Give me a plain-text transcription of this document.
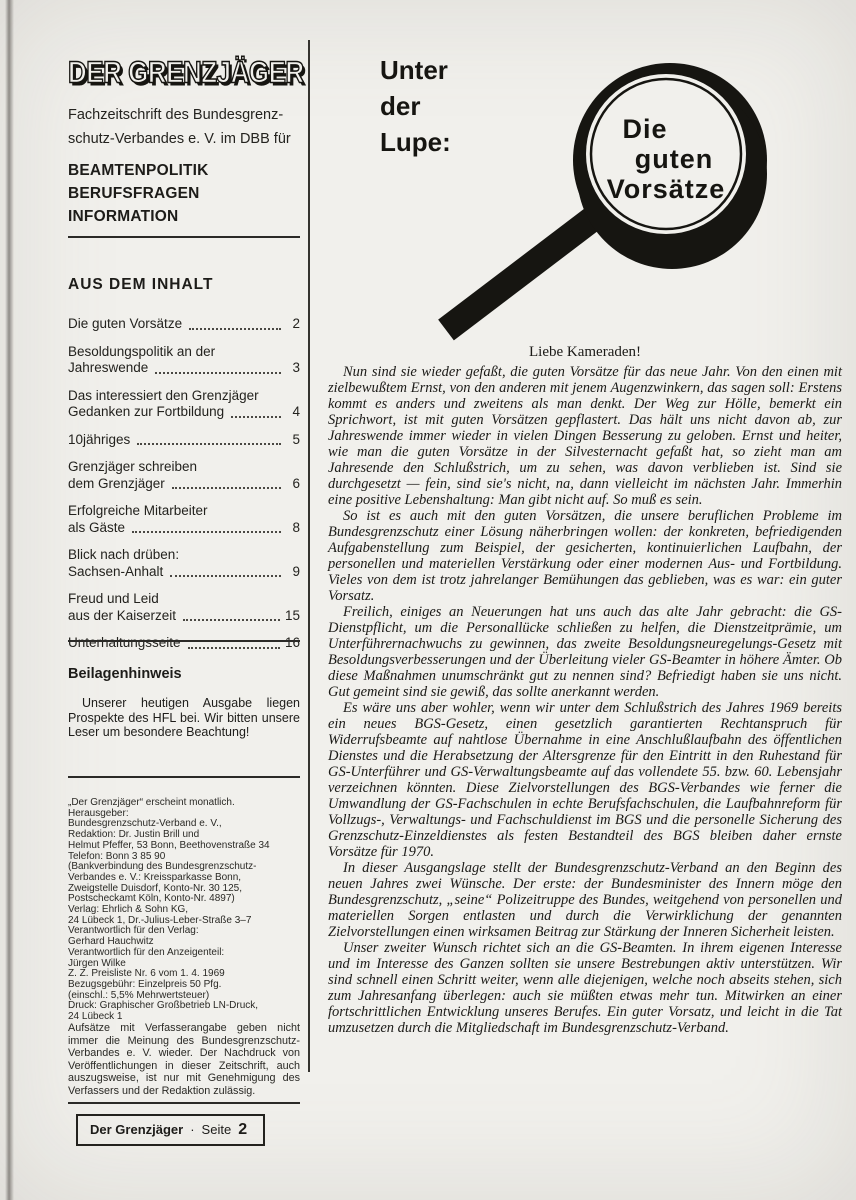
DER GRENZJÄGER
Fachzeitschrift des Bundesgrenz-
schutz-Verbandes e. V. im DBB für
BEAMTENPOLITIK
BERUFSFRAGEN
INFORMATION
AUS DEM INHALT
Die guten Vorsätze	2
Besoldungspolitik an der
Jahreswende	3
Das interessiert den Grenzjäger
Gedanken zur Fortbildung	4
10jähriges	5
Grenzjäger schreiben
dem Grenzjäger	6
Erfolgreiche Mitarbeiter
als Gäste	8
Blick nach drüben:
Sachsen-Anhalt	9
Freud und Leid
aus der Kaiserzeit	15
Unterhaltungsseite	16
Beilagenhinweis
Unserer heutigen Ausgabe liegen Prospekte des HFL bei. Wir bitten unsere Leser um besondere Beachtung!
„Der Grenzjäger“ erscheint monatlich.
Herausgeber:
Bundesgrenzschutz-Verband e. V.,
Redaktion: Dr. Justin Brill und
Helmut Pfeffer, 53 Bonn, Beethovenstraße 34
Telefon: Bonn 3 85 90
(Bankverbindung des Bundesgrenzschutz-
Verbandes e. V.: Kreissparkasse Bonn,
Zweigstelle Duisdorf, Konto-Nr. 30 125,
Postscheckamt Köln, Konto-Nr. 4897)
Verlag: Ehrlich & Sohn KG,
24 Lübeck 1, Dr.-Julius-Leber-Straße 3–7
Verantwortlich für den Verlag:
Gerhard Hauchwitz
Verantwortlich für den Anzeigenteil:
Jürgen Wilke
Z. Z. Preisliste Nr. 6 vom 1. 4. 1969
Bezugsgebühr: Einzelpreis 50 Pfg.
(einschl.: 5,5% Mehrwertsteuer)
Druck: Graphischer Großbetrieb LN-Druck,
24 Lübeck 1
Aufsätze mit Verfasserangabe geben nicht immer die Meinung des Bundesgrenzschutz-Verbandes e. V. wieder. Der Nachdruck von Veröffentlichungen in dieser Zeitschrift, auch auszugsweise, ist nur mit Genehmigung des Verfassers und der Redaktion zulässig.
Der Grenzjäger · Seite 2
Die
guten
Vorsätze
Unter
der
Lupe:
Liebe Kameraden!

Nun sind sie wieder gefaßt, die guten Vorsätze für das neue Jahr. Von den einen mit zielbewußtem Ernst, von den anderen mit jenem Augenzwinkern, das sagen soll: Erstens kommt es anders und zweitens als man denkt. Der Weg zur Hölle, bemerkt ein Sprichwort, ist mit guten Vorsätzen gepflastert. Das hält uns nicht davon ab, zur Jahreswende immer wieder in vielen Dingen Besserung zu geloben. Ernst und heiter, wie man die guten Vorsätze in der Silvesternacht gefaßt hat, so zieht man am Jahresende den Schlußstrich, um zu sehen, was davon verblieben ist. Sind sie durchgesetzt — fein, sind sie's nicht, na, dann vielleicht im nächsten Jahr. Immerhin eine positive Lebenshaltung: Man gibt nicht auf. So muß es sein.

So ist es auch mit den guten Vorsätzen, die unsere beruflichen Probleme im Bundesgrenzschutz einer Lösung näherbringen wollen: der konkreten, befriedigenden Aufgabenstellung zum Beispiel, der gesicherten, kontinuierlichen Laufbahn, der personellen und materiellen Verstärkung oder einer modernen Aus- und Fortbildung. Vieles von dem ist trotz jahrelanger Bemühungen das geblieben, was es war: ein guter Vorsatz.

Freilich, einiges an Neuerungen hat uns auch das alte Jahr gebracht: die GS-Dienstpflicht, um die Personallücke schließen zu helfen, die Dienstzeitprämie, um Unterführernachwuchs zu gewinnen, das zweite Besoldungsneuregelungs-Gesetz mit Besoldungsverbesserungen und der Überleitung vieler GS-Beamter in höhere Ämter. Ob diese Maßnahmen unumschränkt gut zu nennen sind? Befriedigt haben sie uns nicht. Gut gemeint sind sie gewiß, das sollte anerkannt werden.

Es wäre uns aber wohler, wenn wir unter dem Schlußstrich des Jahres 1969 bereits ein neues BGS-Gesetz, einen gesetzlich garantierten Rechtanspruch für Widerrufsbeamte auf nahtlose Übernahme in eine Anschlußlaufbahn des öffentlichen Dienstes und die Herabsetzung der Altersgrenze für den Eintritt in den Ruhestand für GS-Unterführer und GS-Verwaltungsbeamte auf das vollendete 55. bzw. 60. Lebensjahr verzeichnen könnten. Diese Zielvorstellungen des BGS-Verbandes wie ferner die Umwandlung der GS-Fachschulen in echte Berufsfachschulen, die Laufbahnreform für Vollzugs-, Verwaltungs- und Fachschuldienst im BGS und die personelle Sicherung des Grenzschutz-Einzeldienstes als festen Bestandteil des BGS bleiben daher ernste Vorsätze für 1970.

In dieser Ausgangslage stellt der Bundesgrenzschutz-Verband an den Beginn des neuen Jahres zwei Wünsche. Der erste: der Bundesminister des Innern möge den Bundesgrenzschutz, „seine“ Polizeitruppe des Bundes, weitgehend von personellen und materiellen Sorgen entlasten und durch die Verwirklichung der genannten Zielvorstellungen einen wirksamen Beitrag zur Stärkung der Inneren Sicherheit leisten.

Unser zweiter Wunsch richtet sich an die GS-Beamten. In ihrem eigenen Interesse und im Interesse des Ganzen sollten sie unsere Bestrebungen aktiv unterstützen. Wir sind schnell einen Schritt weiter, wenn alle diejenigen, welche noch abseits stehen, sich zum Jahresanfang überlegen: auch sie müßten etwas mehr tun. Mitwirken an einer fortschrittlichen Entwicklung unseres Berufes. Ein guter Vorsatz, und leicht in die Tat umzusetzen durch die Mitgliedschaft im Bundesgrenzschutz-Verband.
